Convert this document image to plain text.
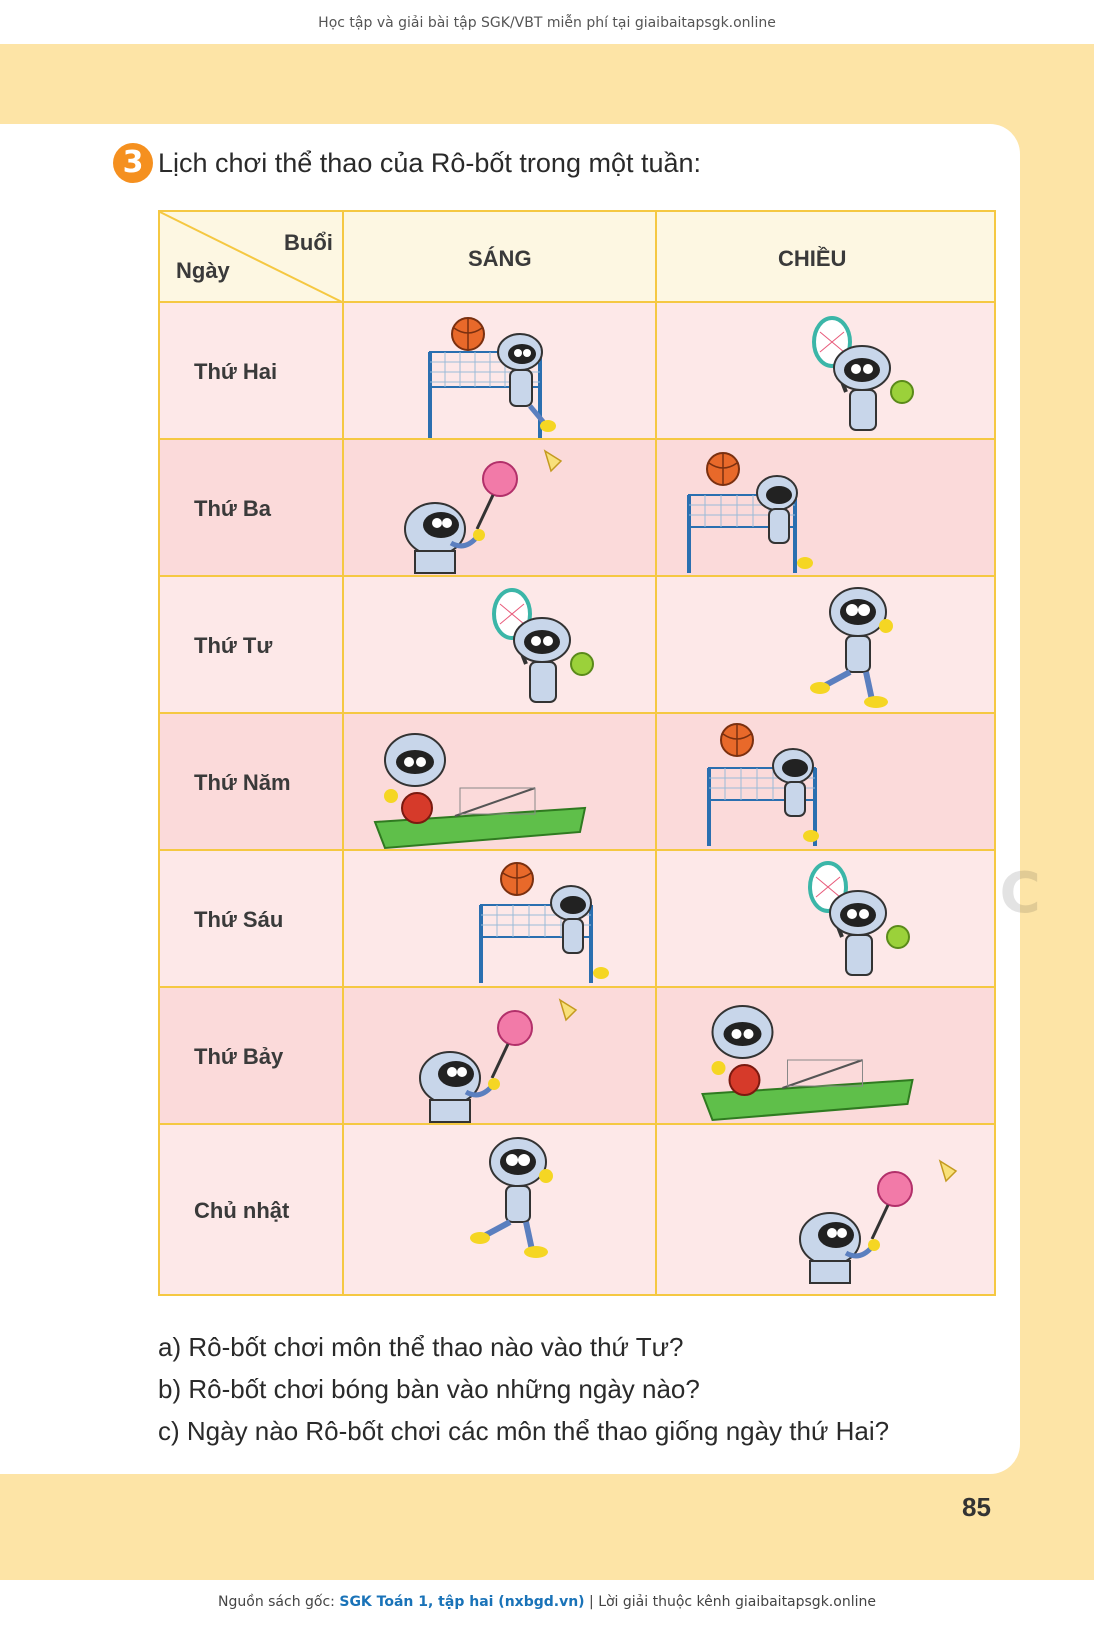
Học tập và giải bài tập SGK/VBT miễn phí tại giaibaitapsgk.online
3 Lịch chơi thể thao của Rô-bốt trong một tuần:
Buổi
Ngày	SÁNG	CHIỀU
Thứ Hai
Thứ Ba
Thứ Tư
Thứ Năm
Thứ Sáu
Thứ Bảy
Chủ nhật
a) Rô-bốt chơi môn thể thao nào vào thứ Tư?
b) Rô-bốt chơi bóng bàn vào những ngày nào?
c) Ngày nào Rô-bốt chơi các môn thể thao giống ngày thứ Hai?
85
Nguồn sách gốc: SGK Toán 1, tập hai (nxbgd.vn) | Lời giải thuộc kênh giaibaitapsgk.online
